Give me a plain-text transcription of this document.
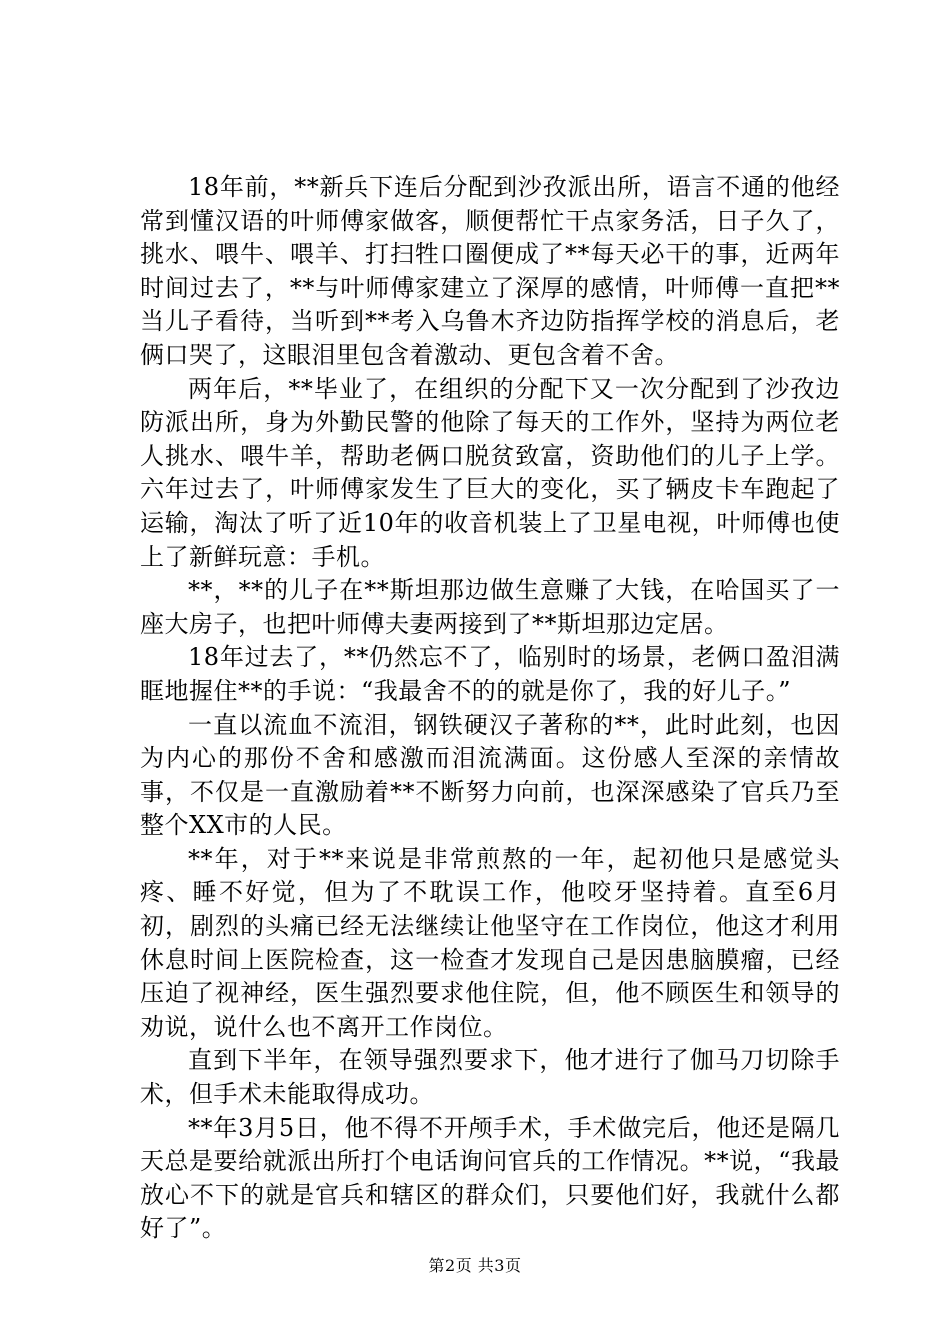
18年前，**新兵下连后分配到沙孜派出所，语言不通的他经常到懂汉语的叶师傅家做客，顺便帮忙干点家务活，日子久了，挑水、喂牛、喂羊、打扫牲口圈便成了**每天必干的事，近两年时间过去了，**与叶师傅家建立了深厚的感情，叶师傅一直把**当儿子看待，当听到**考入乌鲁木齐边防指挥学校的消息后，老俩口哭了，这眼泪里包含着激动、更包含着不舍。

两年后，**毕业了，在组织的分配下又一次分配到了沙孜边防派出所，身为外勤民警的他除了每天的工作外，坚持为两位老人挑水、喂牛羊，帮助老俩口脱贫致富，资助他们的儿子上学。六年过去了，叶师傅家发生了巨大的变化，买了辆皮卡车跑起了运输，淘汰了听了近10年的收音机装上了卫星电视，叶师傅也使上了新鲜玩意：手机。

**，**的儿子在**斯坦那边做生意赚了大钱，在哈国买了一座大房子，也把叶师傅夫妻两接到了**斯坦那边定居。

18年过去了，**仍然忘不了，临别时的场景，老俩口盈泪满眶地握住**的手说：“我最舍不的的就是你了，我的好儿子。”

一直以流血不流泪，钢铁硬汉子著称的**，此时此刻，也因为内心的那份不舍和感激而泪流满面。这份感人至深的亲情故事，不仅是一直激励着**不断努力向前，也深深感染了官兵乃至整个XX市的人民。

**年，对于**来说是非常煎熬的一年，起初他只是感觉头疼、睡不好觉，但为了不耽误工作，他咬牙坚持着。直至6月初，剧烈的头痛已经无法继续让他坚守在工作岗位，他这才利用休息时间上医院检查，这一检查才发现自己是因患脑膜瘤，已经压迫了视神经，医生强烈要求他住院，但，他不顾医生和领导的劝说，说什么也不离开工作岗位。

直到下半年，在领导强烈要求下，他才进行了伽马刀切除手术，但手术未能取得成功。

**年3月5日，他不得不开颅手术，手术做完后，他还是隔几天总是要给就派出所打个电话询问官兵的工作情况。**说，“我最放心不下的就是官兵和辖区的群众们，只要他们好，我就什么都好了”。

第2页 共3页
